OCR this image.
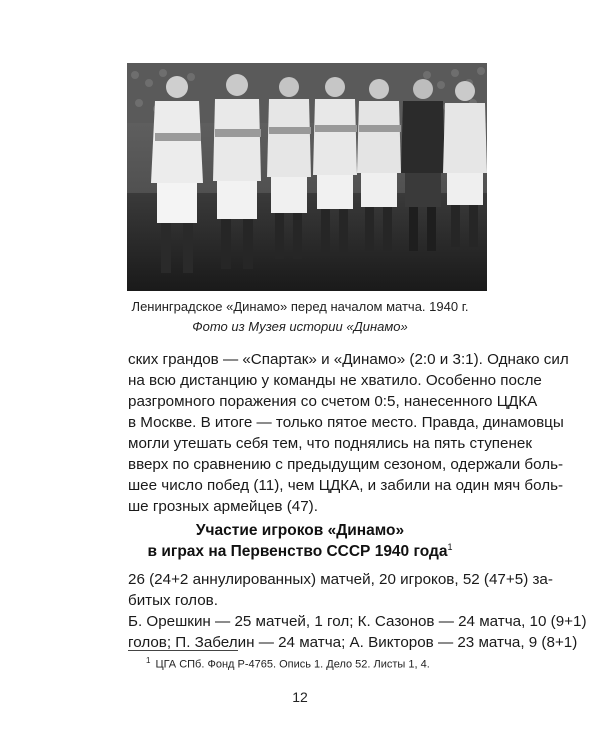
Ленинградское «Динамо» перед началом матча. 1940 г.
Фото из Музея истории «Динамо»
ских грандов — «Спартак» и «Динамо» (2:0 и 3:1). Однако сил
на всю дистанцию у команды не хватило. Особенно после
разгромного поражения со счетом 0:5, нанесенного ЦДКА
в Москве. В итоге — только пятое место. Правда, динамовцы
могли утешать себя тем, что поднялись на пять ступенек
вверх по сравнению с предыдущим сезоном, одержали боль-
шее число побед (11), чем ЦДКА, и забили на один мяч боль-
ше грозных армейцев (47).
Участие игроков «Динамо»
в играх на Первенство СССР 1940 года$^1$
26 (24+2 аннулированных) матчей, 20 игроков, 52 (47+5) за-
битых голов.
Б. Орешкин — 25 матчей, 1 гол; К. Сазонов — 24 матча, 10 (9+1)
голов; П. Забелин — 24 матча; А. Викторов — 23 матча, 9 (8+1)
$^1$ ЦГА СПб. Фонд Р-4765. Опись 1. Дело 52. Листы 1, 4.
12
